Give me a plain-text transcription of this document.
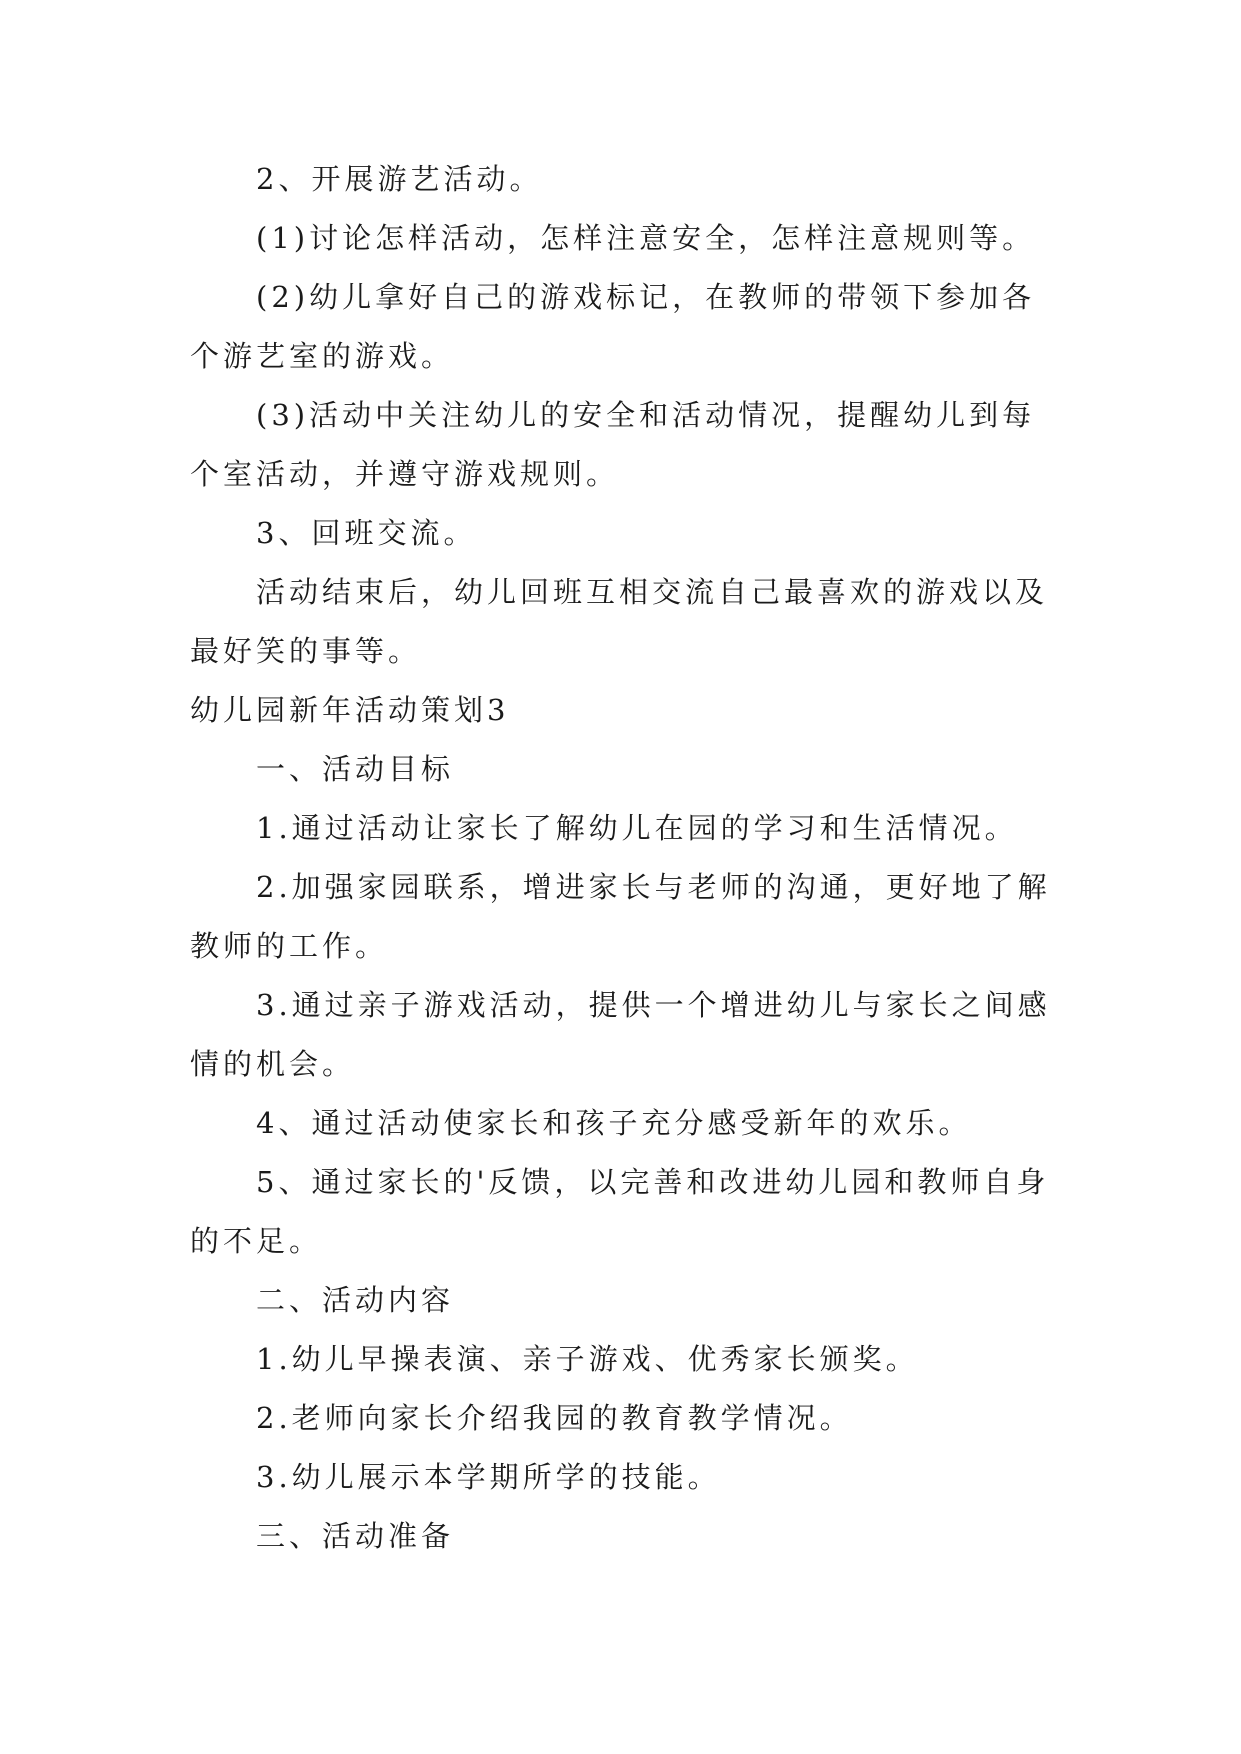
2、开展游艺活动。

(1)讨论怎样活动，怎样注意安全，怎样注意规则等。

(2)幼儿拿好自己的游戏标记，在教师的带领下参加各个游艺室的游戏。

(3)活动中关注幼儿的安全和活动情况，提醒幼儿到每个室活动，并遵守游戏规则。

3、回班交流。

活动结束后，幼儿回班互相交流自己最喜欢的游戏以及最好笑的事等。

幼儿园新年活动策划3

一、活动目标

1.通过活动让家长了解幼儿在园的学习和生活情况。

2.加强家园联系，增进家长与老师的沟通，更好地了解教师的工作。

3.通过亲子游戏活动，提供一个增进幼儿与家长之间感情的机会。

4、通过活动使家长和孩子充分感受新年的欢乐。

5、通过家长的'反馈，以完善和改进幼儿园和教师自身的不足。

二、活动内容

1.幼儿早操表演、亲子游戏、优秀家长颁奖。

2.老师向家长介绍我园的教育教学情况。

3.幼儿展示本学期所学的技能。

三、活动准备
